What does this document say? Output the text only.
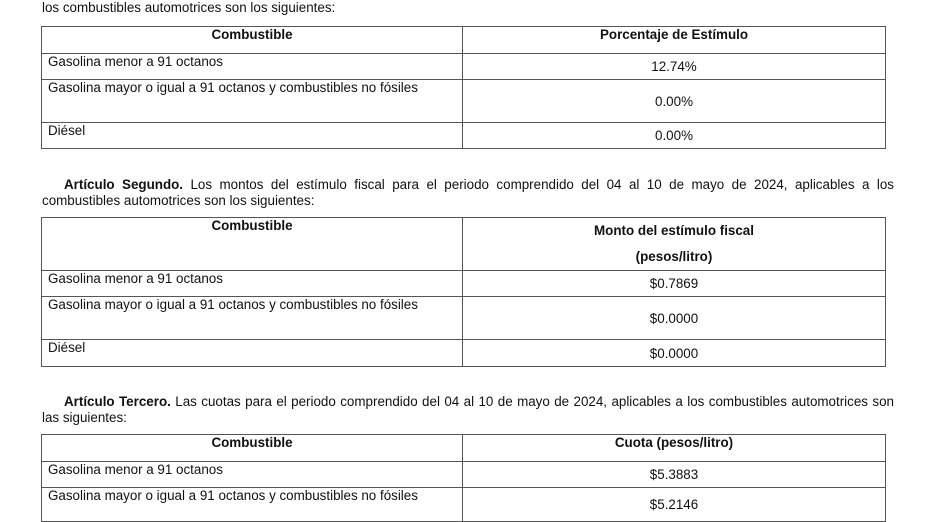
los combustibles automotrices son los siguientes:
Combustible	Porcentaje de Estímulo
Gasolina menor a 91 octanos	12.74%
Gasolina mayor o igual a 91 octanos y combustibles no fósiles	0.00%
Diésel	0.00%
Artículo Segundo. Los montos del estímulo fiscal para el periodo comprendido del 04 al 10 de mayo de 2024, aplicables a los combustibles automotrices son los siguientes:
Combustible	Monto del estímulo fiscal
(pesos/litro)

Gasolina menor a 91 octanos	$0.7869
Gasolina mayor o igual a 91 octanos y combustibles no fósiles	$0.0000
Diésel	$0.0000
Artículo Tercero. Las cuotas para el periodo comprendido del 04 al 10 de mayo de 2024, aplicables a los combustibles automotrices son las siguientes:
Combustible	Cuota (pesos/litro)
Gasolina menor a 91 octanos	$5.3883
Gasolina mayor o igual a 91 octanos y combustibles no fósiles	$5.2146
